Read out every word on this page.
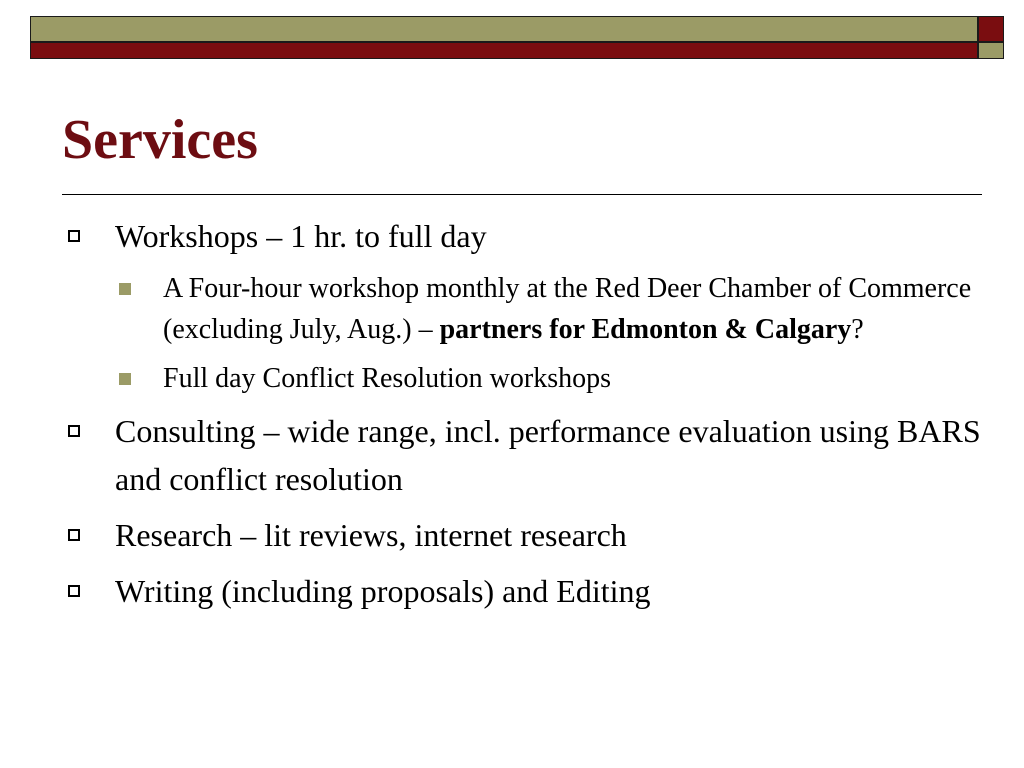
Services
Workshops – 1 hr. to full day
A Four-hour workshop monthly at the Red Deer Chamber of Commerce (excluding July, Aug.) – partners for Edmonton & Calgary?
Full day Conflict Resolution workshops
Consulting – wide range, incl. performance evaluation using BARS and conflict resolution
Research – lit reviews, internet research
Writing (including proposals) and Editing
